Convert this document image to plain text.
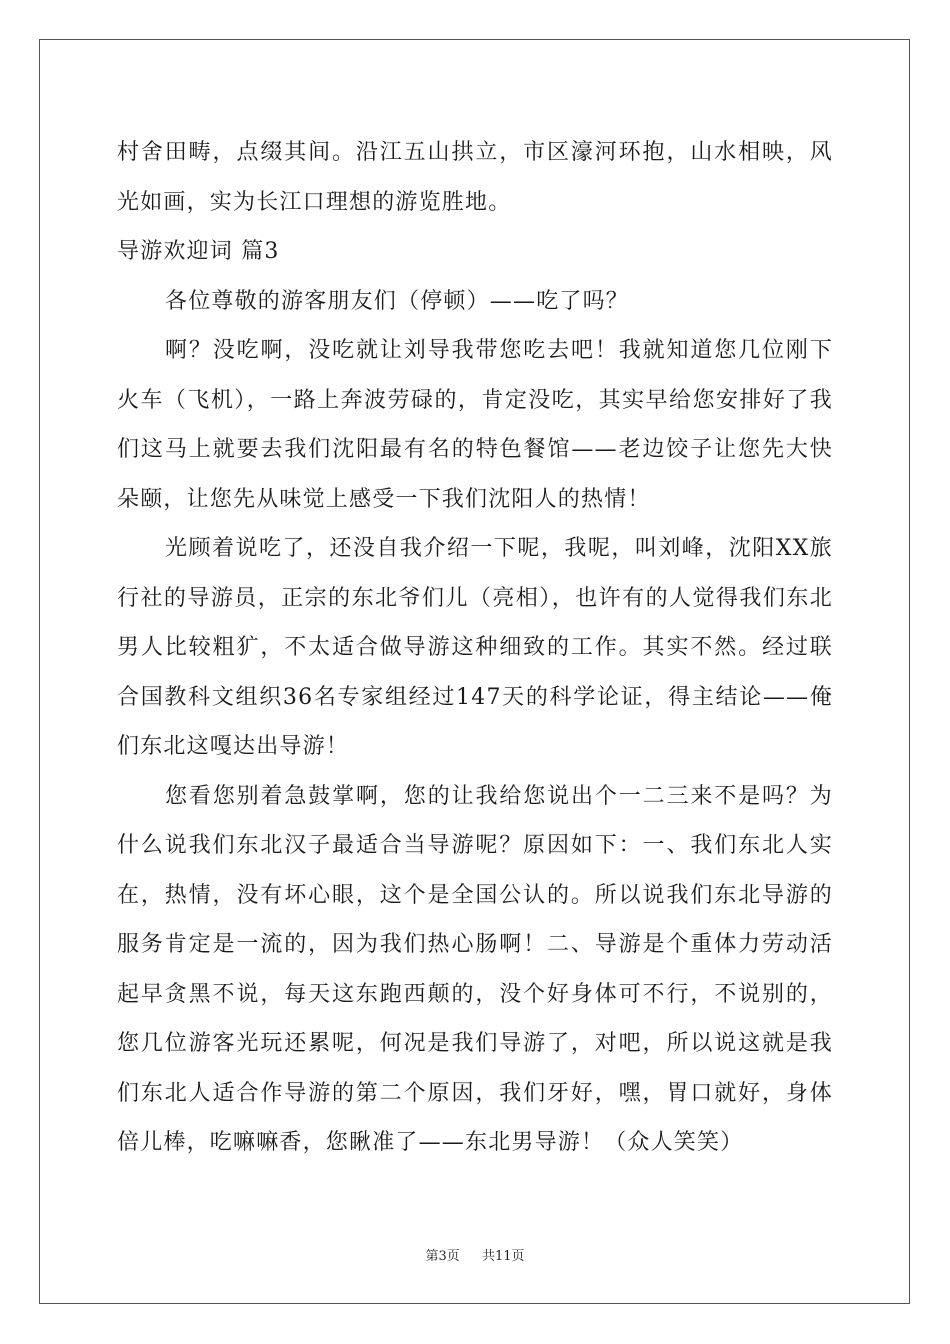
村舍田畴，点缀其间。沿江五山拱立，市区濠河环抱，山水相映，风光如画，实为长江口理想的游览胜地。

导游欢迎词 篇3

各位尊敬的游客朋友们（停顿）——吃了吗？

啊？没吃啊，没吃就让刘导我带您吃去吧！我就知道您几位刚下火车（飞机），一路上奔波劳碌的，肯定没吃，其实早给您安排好了我们这马上就要去我们沈阳最有名的特色餐馆——老边饺子让您先大快朵颐，让您先从味觉上感受一下我们沈阳人的热情！

光顾着说吃了，还没自我介绍一下呢，我呢，叫刘峰，沈阳XX旅行社的导游员，正宗的东北爷们儿（亮相），也许有的人觉得我们东北男人比较粗犷，不太适合做导游这种细致的工作。其实不然。经过联合国教科文组织36名专家组经过147天的科学论证，得主结论——俺们东北这嘎达出导游！

您看您别着急鼓掌啊，您的让我给您说出个一二三来不是吗？为什么说我们东北汉子最适合当导游呢？原因如下：一、我们东北人实在，热情，没有坏心眼，这个是全国公认的。所以说我们东北导游的服务肯定是一流的，因为我们热心肠啊！二、导游是个重体力劳动活起早贪黑不说，每天这东跑西颠的，没个好身体可不行，不说别的，您几位游客光玩还累呢，何况是我们导游了，对吧，所以说这就是我们东北人适合作导游的第二个原因，我们牙好，嘿，胃口就好，身体倍儿棒，吃嘛嘛香，您瞅准了——东北男导游！（众人笑笑）

第3页 共11页
